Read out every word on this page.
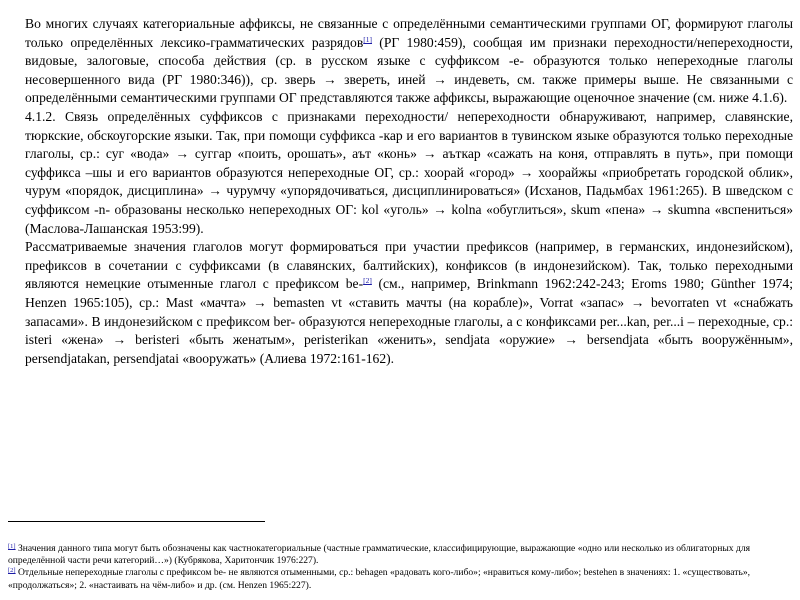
Во многих случаях категориальные аффиксы, не связанные с определёнными семантическими группами ОГ, формируют глаголы только определённых лексико-грамматических разрядов[1] (РГ 1980:459), сообщая им признаки переходности/непереходности, видовые, залоговые, способа действия (ср. в русском языке с суффиксом -е- образуются только непереходные глаголы несовершенного вида (РГ 1980:346)), ср. зверь → звереть, иней → индеветь, см. также примеры выше. Не связанными с определёнными семантическими группами ОГ представляются также аффиксы, выражающие оценочное значение (см. ниже 4.1.6).

4.1.2. Связь определённых суффиксов с признаками переходности/ непереходности обнаруживают, например, славянские, тюркские, обскоугорские языки. Так, при помощи суффикса -кар и его вариантов в тувинском языке образуются только переходные глаголы, ср.: суг «вода» → суггар «поить, орошать», аът «конь» → аъткар «сажать на коня, отправлять в путь», при помощи суффикса –шы и его вариантов образуются непереходные ОГ, ср.: хоорай «город» → хоорайжы «приобретать городской облик», чурум «порядок, дисциплина» → чурумчу «упорядочиваться, дисциплинироваться» (Исханов, Падьмбах 1961:265). В шведском с суффиксом -n- образованы несколько непереходных ОГ: kol «уголь» → kolna «обуглиться», skum «пена» → skumna «вспениться» (Маслова-Лашанская 1953:99).

Рассматриваемые значения глаголов могут формироваться при участии префиксов (например, в германских, индонезийском), префиксов в сочетании с суффиксами (в славянских, балтийских), конфиксов (в индонезийском). Так, только переходными являются немецкие отыменные глагол с префиксом be-[2] (см., например, Brinkmann 1962:242-243; Eroms 1980; Günther 1974; Henzen 1965:105), ср.: Mast «мачта» → bemasten vt «ставить мачты (на корабле)», Vorrat «запас» → bevorraten vt «снабжать запасами». В индонезийском с префиксом ber- образуются непереходные глаголы, а с конфиксами per...kan, per...i – переходные, ср.: isteri «жена» → beristeri «быть женатым», peristerikan «женить», sendjata «оружие» → bersendjata «быть вооружённым», persendjatakan, persendjatai «вооружать» (Алиева 1972:161-162).

[1] Значения данного типа могут быть обозначены как частнокатегориальные (частные грамматические, классифицирующие, выражающие «одно или несколько из облигаторных для определённой части речи категорий…») (Кубрякова, Харитончик 1976:227).

[2] Отдельные непереходные глаголы с префиксом be- не являются отыменными, ср.: behagen «радовать кого-либо»; «нравиться кому-либо»; bestehen в значениях: 1. «существовать», «продолжаться»; 2. «настаивать на чём-либо» и др. (см. Henzen 1965:227).
